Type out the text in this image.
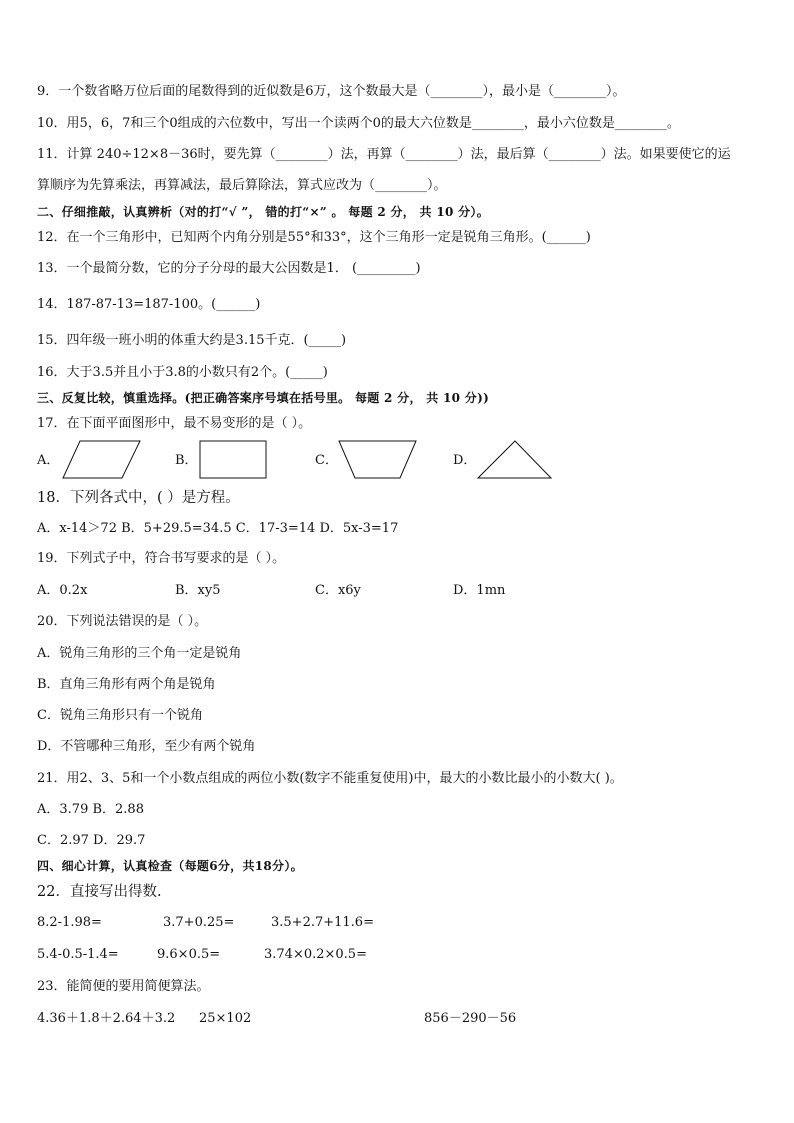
9．一个数省略万位后面的尾数得到的近似数是6万，这个数最大是（________），最小是（________）。
10．用5，6，7和三个0组成的六位数中，写出一个读两个0的最大六位数是________，最小六位数是________。
11．计算 240÷12×8－36时，要先算（________）法，再算（________）法，最后算（________）法。如果要使它的运
算顺序为先算乘法，再算减法，最后算除法，算式应改为（________）。
二、仔细推敲，认真辨析（对的打“√ ”， 错的打“×” 。 每题 2 分， 共 10 分）。
12．在一个三角形中，已知两个内角分别是55°和33°，这个三角形一定是锐角三角形。(______)
13．一个最简分数，它的分子分母的最大公因数是1． (_________)
14．187-87-13=187-100。(______)
15．四年级一班小明的体重大约是3.15千克．(_____)
16．大于3.5并且小于3.8的小数只有2个。(_____)
三、反复比较，慎重选择。(把正确答案序号填在括号里。 每题 2 分， 共 10 分))
17．在下面平面图形中，最不易变形的是（ ）。
A．	B．	C．	D．
18．下列各式中，( ）是方程。
A．x-14＞72 B．5+29.5=34.5 C．17-3=14 D．5x-3=17
19．下列式子中，符合书写要求的是（ ）。
A．0.2x	B．xy5	C．x6y	D．1mn
20．下列说法错误的是（ ）。
A．锐角三角形的三个角一定是锐角
B．直角三角形有两个角是锐角
C．锐角三角形只有一个锐角
D．不管哪种三角形，至少有两个锐角
21．用2、3、5和一个小数点组成的两位小数(数字不能重复使用)中，最大的小数比最小的小数大( )。
A．3.79 B．2.88
C．2.97 D．29.7
四、细心计算，认真检查（每题6分，共18分）。
22．直接写出得数.
8.2-1.98=	3.7+0.25=	3.5+2.7+11.6=
5.4-0.5-1.4=	9.6×0.5=	3.74×0.2×0.5=
23．能简便的要用简便算法。
4.36＋1.8＋2.64＋3.2 25×102	856－290－56
